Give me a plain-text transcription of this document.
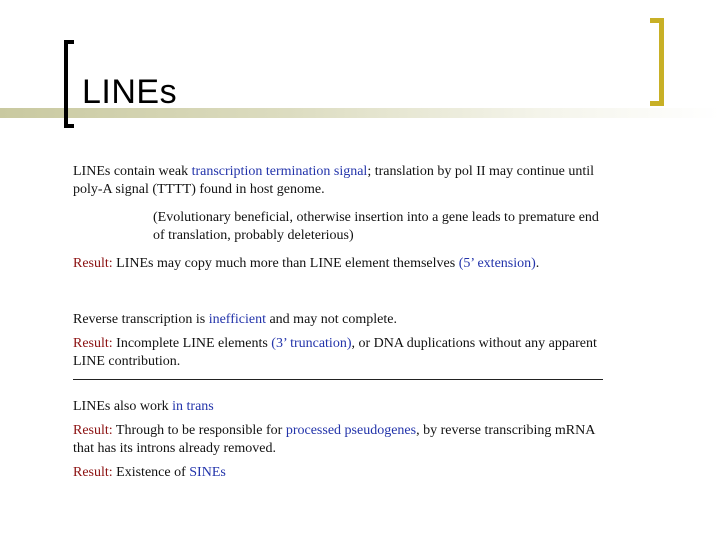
LINEs

LINEs contain weak transcription termination signal; translation by pol II may continue until poly-A signal (TTTT) found in host genome.

(Evolutionary beneficial, otherwise insertion into a gene leads to premature end of translation, probably deleterious)

Result: LINEs may copy much more than LINE element themselves (5’ extension).

Reverse transcription is inefficient and may not complete.

Result: Incomplete LINE elements (3’ truncation), or DNA duplications without any apparent LINE contribution.

LINEs also work in trans

Result: Through to be responsible for processed pseudogenes, by reverse transcribing mRNA that has its introns already removed.

Result: Existence of SINEs
